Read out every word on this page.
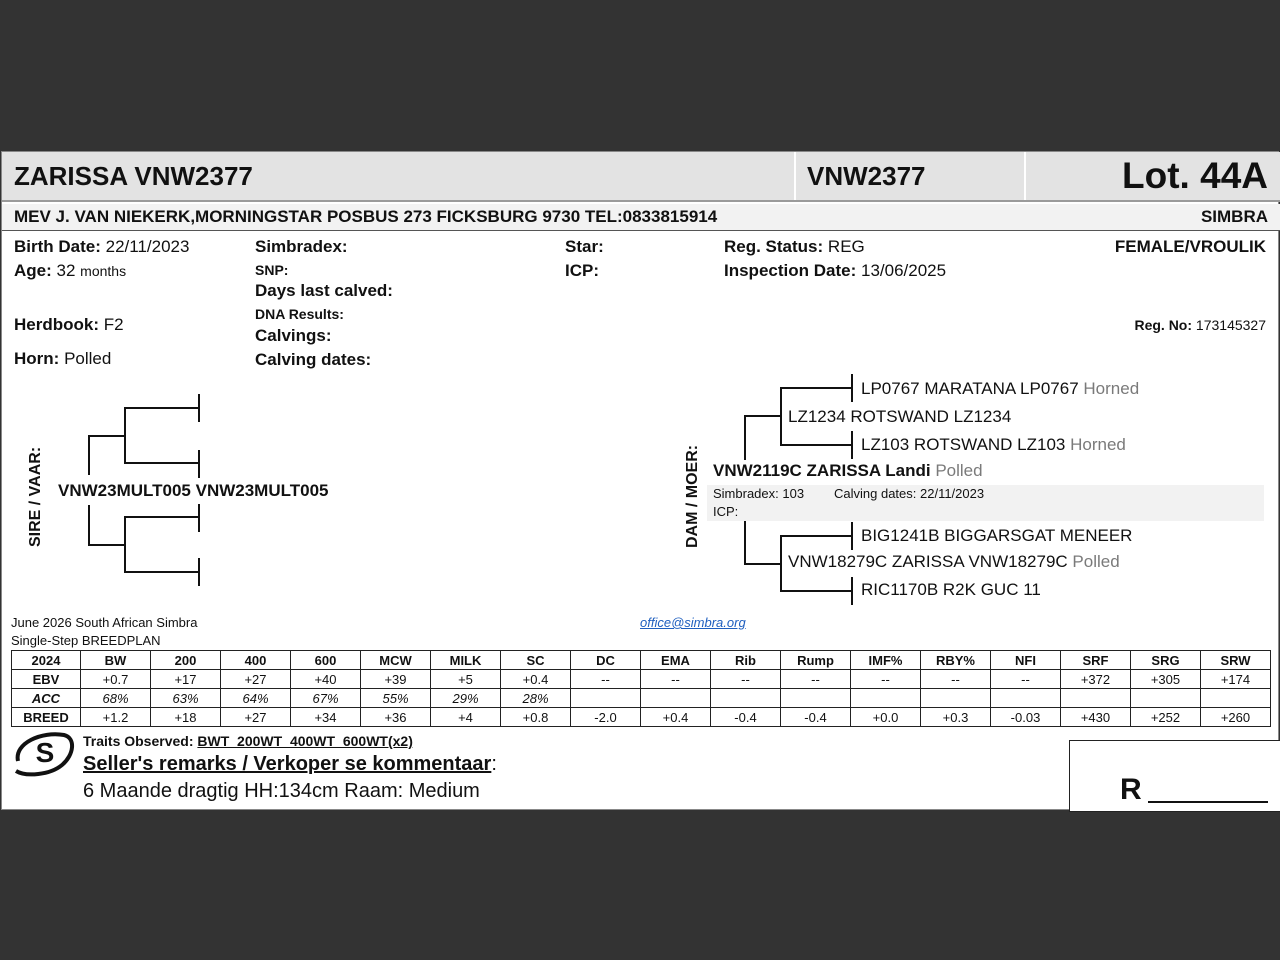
ZARISSA VNW2377	VNW2377	Lot. 44A
MEV J. VAN NIEKERK,MORNINGSTAR POSBUS 273 FICKSBURG 9730 TEL:0833815914	SIMBRA
Birth Date: 22/11/2023
Age: 32 months
Herdbook: F2
Horn: Polled
Simbradex:
SNP:
Days last calved:
DNA Results:
Calvings:
Calving dates:
Star:
ICP:
Reg. Status: REG
Inspection Date: 13/06/2025
FEMALE/VROULIK
Reg. No: 173145327
SIRE / VAAR: VNW23MULT005 VNW23MULT005	DAM / MOER:
LP0767 MARATANA LP0767 Horned
LZ1234 ROTSWAND LZ1234
LZ103 ROTSWAND LZ103 Horned
VNW2119C ZARISSA Landi Polled
Simbradex: 103 Calving dates: 22/11/2023
ICP:
BIG1241B BIGGARSGAT MENEER
VNW18279C ZARISSA VNW18279C Polled
RIC1170B R2K GUC 11
June 2026 South African Simbra
Single-Step BREEDPLAN
office@simbra.org
2024	BW	200	400	600	MCW	MILK	SC	DC	EMA	Rib	Rump	IMF%	RBY%	NFI	SRF	SRG	SRW
EBV	+0.7	+17	+27	+40	+39	+5	+0.4	--	--	--	--	--	--	--	+372	+305	+174
ACC	68%	63%	64%	67%	55%	29%	28%										
BREED	+1.2	+18	+27	+34	+36	+4	+0.8	-2.0	+0.4	-0.4	-0.4	+0.0	+0.3	-0.03	+430	+252	+260
S Traits Observed: BWT  200WT  400WT  600WT(x2)
Seller's remarks / Verkoper se kommentaar:
6 Maande dragtig HH:134cm Raam: Medium	R
